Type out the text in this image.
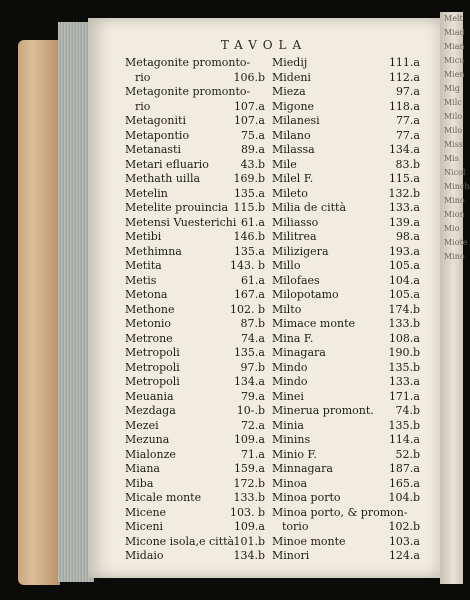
Melt
Miad
Mian
Micu
Mien
Mig
Milc
Milo
Milo
Miss
Mis
Nicol
Minch
Mino
Mion
Mio
Miote
Mino
TAVOLA
Metagonite promonto-
rio	106.b
Metagonite promonto-
rio	107.a
Metagoniti	107.a
Metapontio	75.a
Metanasti	89.a
Metari efluario	43.b
Methath uilla	169.b
Metelin	135.a
Metelite prouincia 115.b
Metensi Vuesterichi 61.a
Metibi	146.b
Methimna	135.a
Metita	143. b
Metis	61.a
Metona	167.a
Methone	102. b
Metonio	87.b
Metrone	74.a
Metropoli	135.a
Metropoli	97.b
Metropoli	134.a
Meuania	79.a
Mezdaga	10-.b
Mezei	72.a
Mezuna	109.a
Mialonze	71.a
Miana	159.a
Miba	172.b
Micale monte	133.b
Micene	103. b
Miceni	109.a
Micone isola,e città 101.b
Midaio	134.b
Miedij	111.a
Mideni	112.a
Mieza	97.a
Migone	118.a
Milanesi	77.a
Milano	77.a
Milassa	134.a
Mile	83.b
Milel F.	115.a
Mileto	132.b
Milia de città	133.a
Miliasso	139.a
Militrea	98.a
Milizigera	193.a
Millo	105.a
Milofaes	104.a
Milopotamo	105.a
Milto	174.b
Mimace monte	133.b
Mina F.	108.a
Minagara	190.b
Mindo	135.b
Mindo	133.a
Minei	171.a
Minerua promont. 74.b
Minia	135.b
Minins	114.a
Minio F.	52.b
Minnagara	187.a
Minoa	165.a
Minoa porto	104.b
Minoa porto, & promon-
torio	102.b
Minoe monte	103.a
Minori	124.a
